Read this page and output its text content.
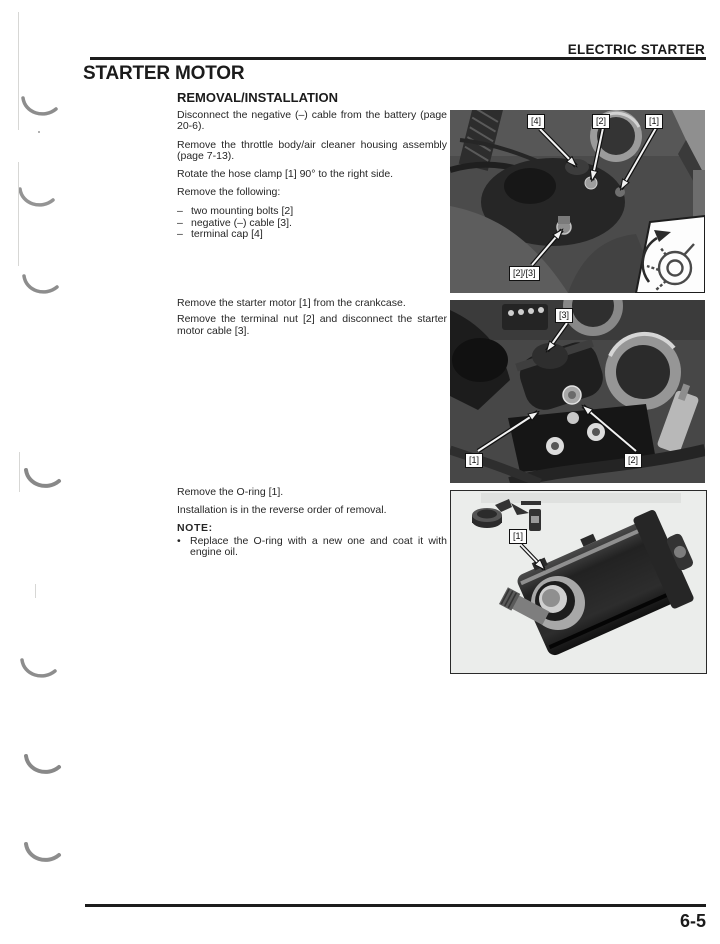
ELECTRIC STARTER
STARTER MOTOR
REMOVAL/INSTALLATION

Disconnect the negative (–) cable from the battery (page 20-6).

Remove the throttle body/air cleaner housing assembly (page 7-13).

Rotate the hose clamp [1] 90° to the right side.

Remove the following:

– two mounting bolts [2]
– negative (–) cable [3].
– terminal cap [4]

Remove the starter motor [1] from the crankcase.

Remove the terminal nut [2] and disconnect the starter motor cable [3].

Remove the O-ring [1].

Installation is in the reverse order of removal.

NOTE:
• Replace the O-ring with a new one and coat it with engine oil.
[4]	[2]	[1]
[2]/[3]
[3]
[1]	[2]
[1]
6-5
